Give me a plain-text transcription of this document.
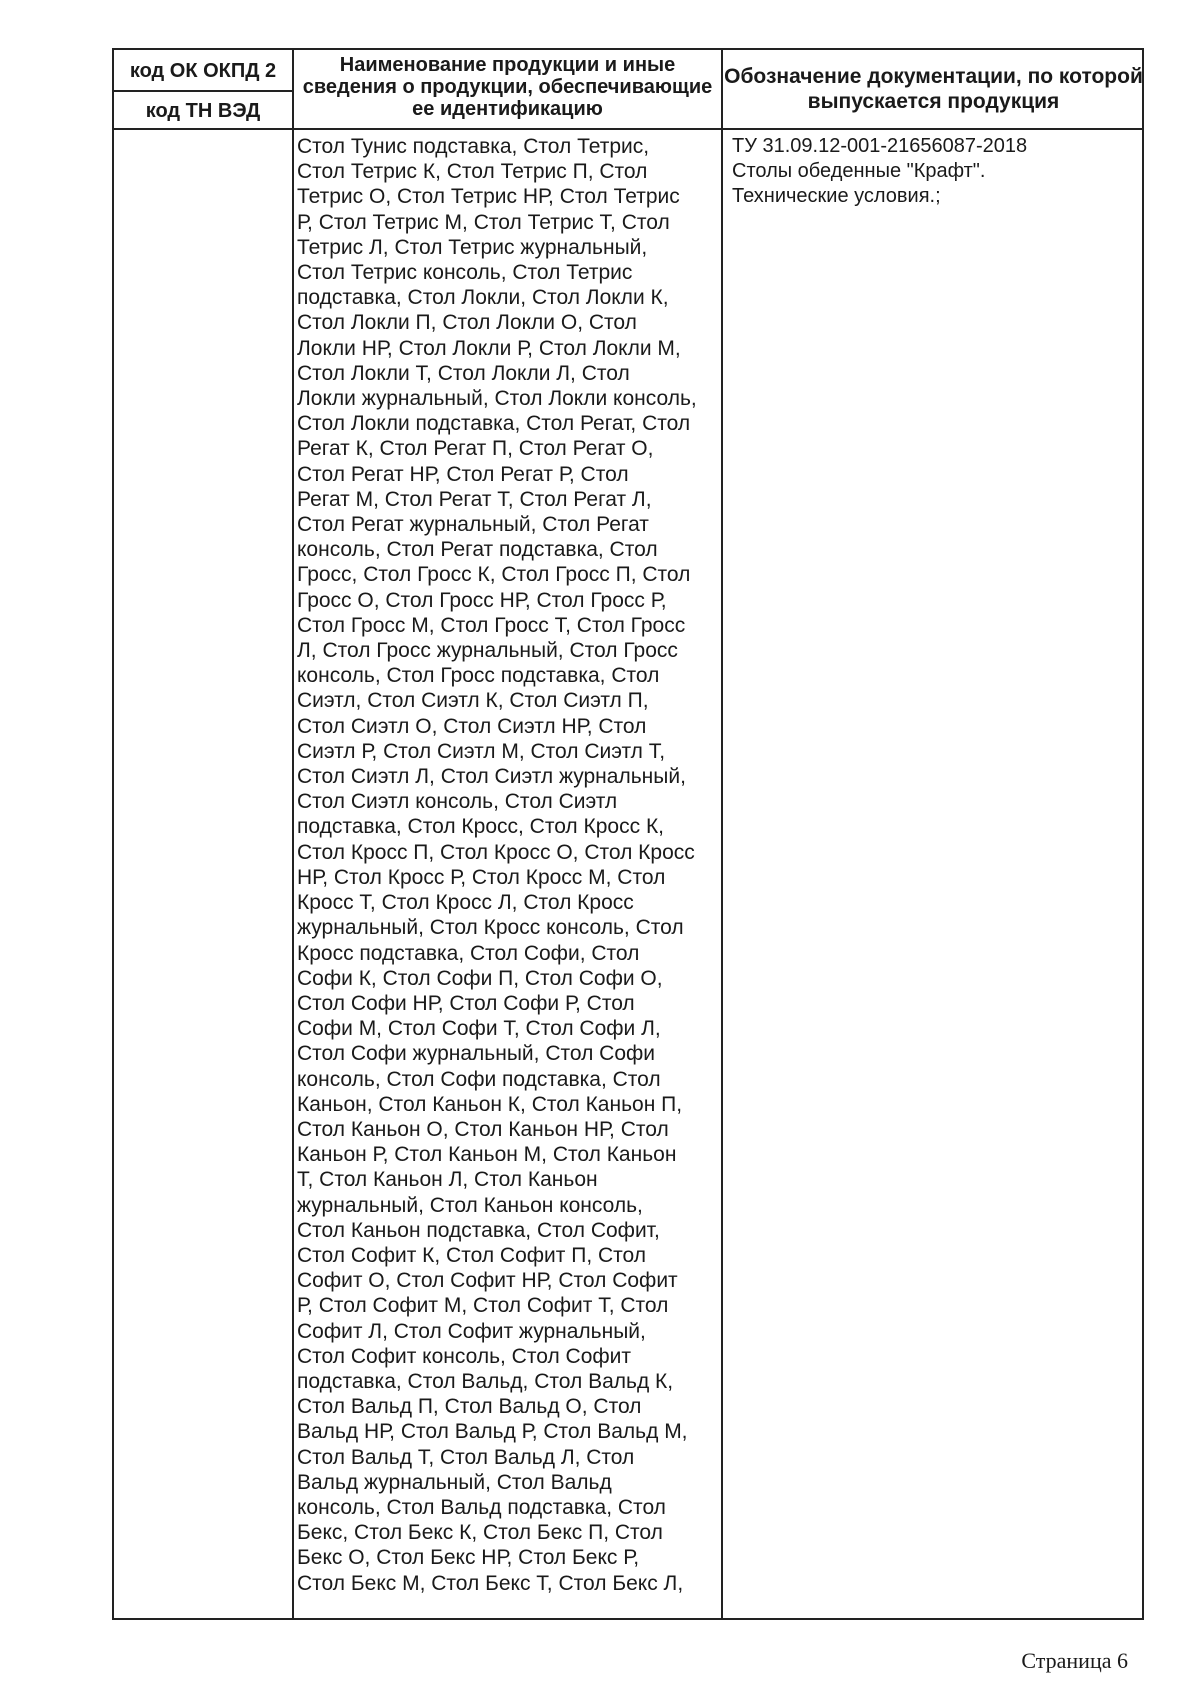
код ОК ОКПД 2
код ТН ВЭД
Наименование продукции и иные сведения о продукции, обеспечивающие ее идентификацию
Обозначение документации, по которой выпускается продукция
Стол Тунис подставка, Стол Тетрис,
Стол Тетрис К, Стол Тетрис П, Стол
Тетрис О, Стол Тетрис НР, Стол Тетрис
Р, Стол Тетрис М, Стол Тетрис Т, Стол
Тетрис Л, Стол Тетрис журнальный,
Стол Тетрис консоль, Стол Тетрис
подставка, Стол Локли, Стол Локли К,
Стол Локли П, Стол Локли О, Стол
Локли НР, Стол Локли Р, Стол Локли М,
Стол Локли Т, Стол Локли Л, Стол
Локли журнальный, Стол Локли консоль,
Стол Локли подставка, Стол Регат, Стол
Регат К, Стол Регат П, Стол Регат О,
Стол Регат НР, Стол Регат Р, Стол
Регат М, Стол Регат Т, Стол Регат Л,
Стол Регат журнальный, Стол Регат
консоль, Стол Регат подставка, Стол
Гросс, Стол Гросс К, Стол Гросс П, Стол
Гросс О, Стол Гросс НР, Стол Гросс Р,
Стол Гросс М, Стол Гросс Т, Стол Гросс
Л, Стол Гросс журнальный, Стол Гросс
консоль, Стол Гросс подставка, Стол
Сиэтл, Стол Сиэтл К, Стол Сиэтл П,
Стол Сиэтл О, Стол Сиэтл НР, Стол
Сиэтл Р, Стол Сиэтл М, Стол Сиэтл Т,
Стол Сиэтл Л, Стол Сиэтл журнальный,
Стол Сиэтл консоль, Стол Сиэтл
подставка, Стол Кросс, Стол Кросс К,
Стол Кросс П, Стол Кросс О, Стол Кросс
НР, Стол Кросс Р, Стол Кросс М, Стол
Кросс Т, Стол Кросс Л, Стол Кросс
журнальный, Стол Кросс консоль, Стол
Кросс подставка, Стол Софи, Стол
Софи К, Стол Софи П, Стол Софи О,
Стол Софи НР, Стол Софи Р, Стол
Софи М, Стол Софи Т, Стол Софи Л,
Стол Софи журнальный, Стол Софи
консоль, Стол Софи подставка, Стол
Каньон, Стол Каньон К, Стол Каньон П,
Стол Каньон О, Стол Каньон НР, Стол
Каньон Р, Стол Каньон М, Стол Каньон
Т, Стол Каньон Л, Стол Каньон
журнальный, Стол Каньон консоль,
Стол Каньон подставка, Стол Софит,
Стол Софит К, Стол Софит П, Стол
Софит О, Стол Софит НР, Стол Софит
Р, Стол Софит М, Стол Софит Т, Стол
Софит Л, Стол Софит журнальный,
Стол Софит консоль, Стол Софит
подставка, Стол Вальд, Стол Вальд К,
Стол Вальд П, Стол Вальд О, Стол
Вальд НР, Стол Вальд Р, Стол Вальд М,
Стол Вальд Т, Стол Вальд Л, Стол
Вальд журнальный, Стол Вальд
консоль, Стол Вальд подставка, Стол
Бекс, Стол Бекс К, Стол Бекс П, Стол
Бекс О, Стол Бекс НР, Стол Бекс Р,
Стол Бекс М, Стол Бекс Т, Стол Бекс Л,
ТУ 31.09.12-001-21656087-2018
Столы обеденные "Крафт".
Технические условия.;
Страница 6
